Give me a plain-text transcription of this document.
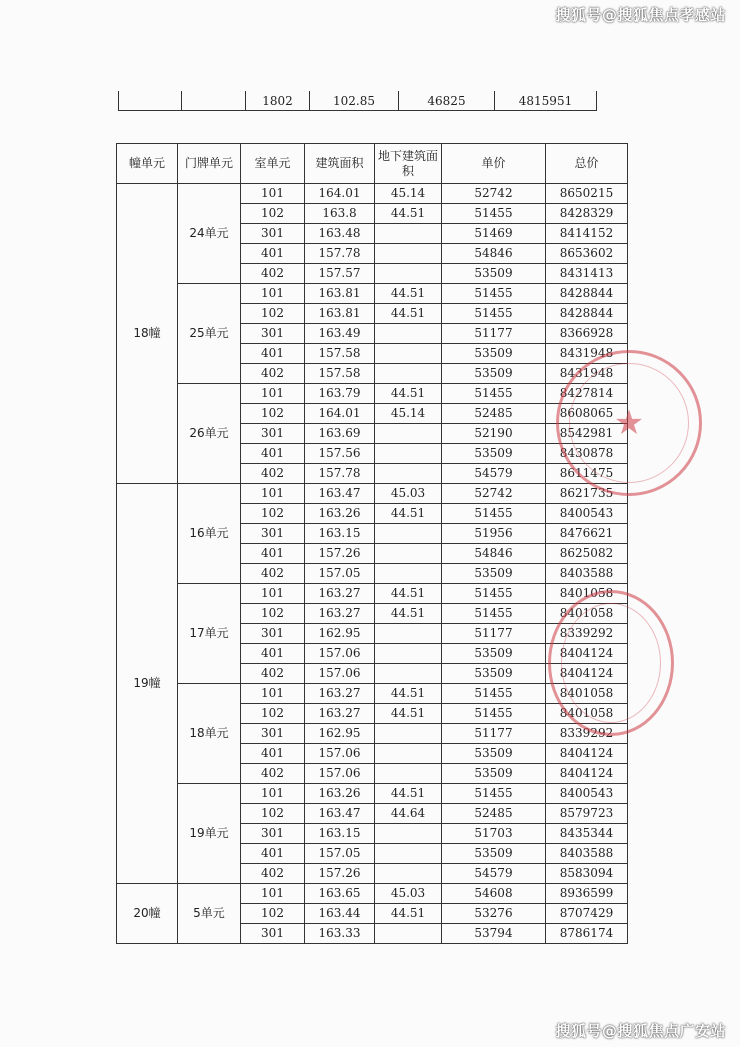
搜狐号@搜狐焦点孝感站
		1802	102.85	46825	4815951
幢单元	门牌单元	室单元	建筑面积	地下建筑面积	单价	总价
18幢	24单元	101	164.01	45.14	52742	8650215
		102	163.8	44.51	51455	8428329
		301	163.48		51469	8414152
		401	157.78		54846	8653602
		402	157.57		53509	8431413
	25单元	101	163.81	44.51	51455	8428844
		102	163.81	44.51	51455	8428844
		301	163.49		51177	8366928
		401	157.58		53509	8431948
		402	157.58		53509	8431948
	26单元	101	163.79	44.51	51455	8427814
		102	164.01	45.14	52485	8608065
		301	163.69		52190	8542981
		401	157.56		53509	8430878
		402	157.78		54579	8611475
19幢	16单元	101	163.47	45.03	52742	8621735
		102	163.26	44.51	51455	8400543
		301	163.15		51956	8476621
		401	157.26		54846	8625082
		402	157.05		53509	8403588
	17单元	101	163.27	44.51	51455	8401058
		102	163.27	44.51	51455	8401058
		301	162.95		51177	8339292
		401	157.06		53509	8404124
		402	157.06		53509	8404124
	18单元	101	163.27	44.51	51455	8401058
		102	163.27	44.51	51455	8401058
		301	162.95		51177	8339292
		401	157.06		53509	8404124
		402	157.06		53509	8404124
	19单元	101	163.26	44.51	51455	8400543
		102	163.47	44.64	52485	8579723
		301	163.15		51703	8435344
		401	157.05		53509	8403588
		402	157.26		54579	8583094
20幢	5单元	101	163.65	45.03	54608	8936599
		102	163.44	44.51	53276	8707429
		301	163.33		53794	8786174
★
搜狐号@搜狐焦点广安站
